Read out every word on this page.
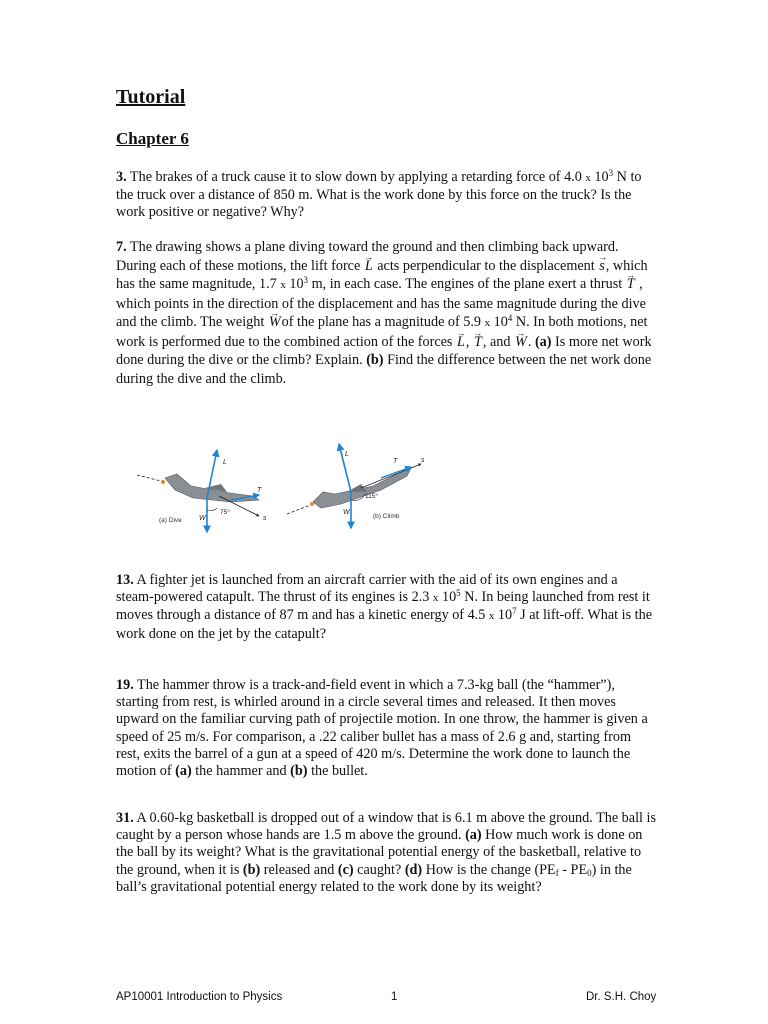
Tutorial
Chapter 6

3. The brakes of a truck cause it to slow down by applying a retarding force of 4.0 x $10^3$ N to the truck over a distance of 850 m. What is the work done by this force on the truck? Is the work positive or negative? Why?

7. The drawing shows a plane diving toward the ground and then climbing back upward. During each of these motions, the lift force → L acts perpendicular to the displacement → s, which has the same magnitude, 1.7 x $10^3$ m, in each case. The engines of the plane exert a thrust → T , which points in the direction of the displacement and has the same magnitude during the dive and the climb. The weight → Wof the plane has a magnitude of 5.9 x $10^4$ N. In both motions, net work is performed due to the combined action of the forces → L, → T, and → W. (a) Is more net work done during the dive or the climb? Explain. (b) Find the difference between the net work done during the dive and the climb.

L
T
W	s
75°
(a) Dive
L
T
W
s
115°
(b) Climb

13. A fighter jet is launched from an aircraft carrier with the aid of its own engines and a steam-powered catapult. The thrust of its engines is 2.3 x $10^5$ N. In being launched from rest it moves through a distance of 87 m and has a kinetic energy of 4.5 x $10^7$ J at lift-off. What is the work done on the jet by the catapult?

19. The hammer throw is a track-and-field event in which a 7.3-kg ball (the “hammer”), starting from rest, is whirled around in a circle several times and released. It then moves upward on the familiar curving path of projectile motion. In one throw, the hammer is given a speed of 25 m/s. For comparison, a .22 caliber bullet has a mass of 2.6 g and, starting from rest, exits the barrel of a gun at a speed of 420 m/s. Determine the work done to launch the motion of (a) the hammer and (b) the bullet.

31. A 0.60-kg basketball is dropped out of a window that is 6.1 m above the ground. The ball is caught by a person whose hands are 1.5 m above the ground. (a) How much work is done on the ball by its weight? What is the gravitational potential energy of the basketball, relative to the ground, when it is (b) released and (c) caught? (d) How is the change $(PE_f - PE_0)$ in the ball’s gravitational potential energy related to the work done by its weight?

AP10001 Introduction to Physics	1	Dr. S.H. Choy
